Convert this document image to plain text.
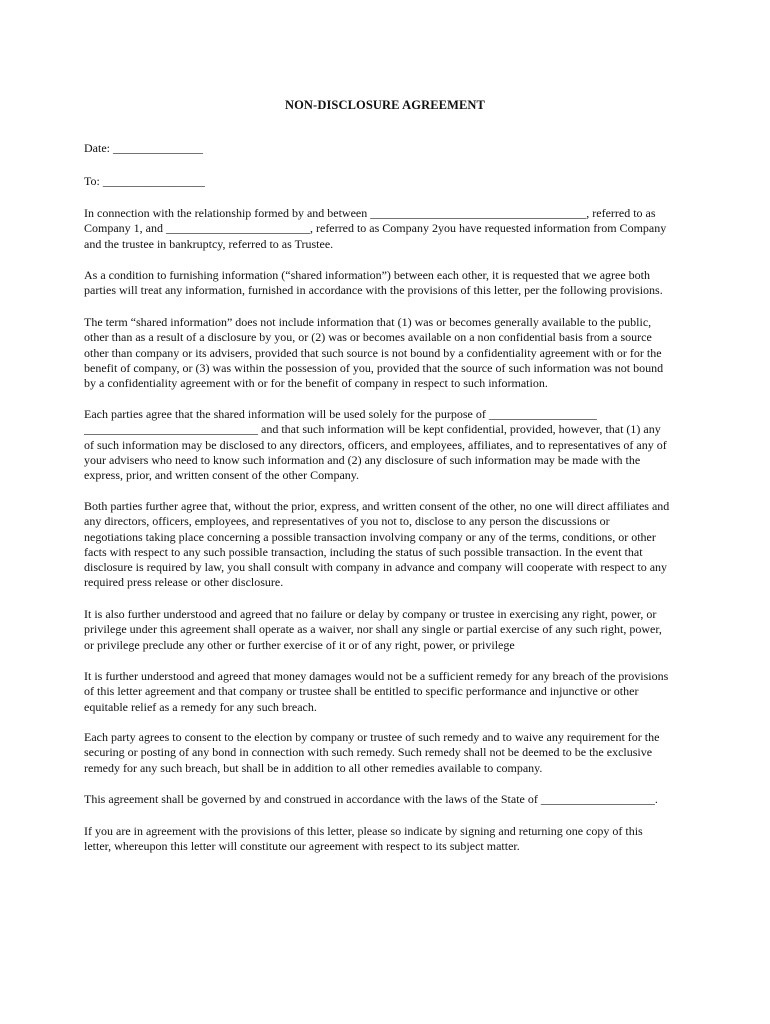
NON-DISCLOSURE AGREEMENT

Date: _______________

To: _________________

In connection with the relationship formed by and between ____________________________________, referred to as
Company 1, and ________________________, referred to as Company 2you have requested information from Company
and the trustee in bankruptcy, referred to as Trustee.

As a condition to furnishing information (“shared information”) between each other, it is requested that we agree both
parties will treat any information, furnished in accordance with the provisions of this letter, per the following provisions.

The term “shared information” does not include information that (1) was or becomes generally available to the public,
other than as a result of a disclosure by you, or (2) was or becomes available on a non confidential basis from a source
other than company or its advisers, provided that such source is not bound by a confidentiality agreement with or for the
benefit of company, or (3) was within the possession of you, provided that the source of such information was not bound
by a confidentiality agreement with or for the benefit of company in respect to such information.

Each parties agree that the shared information will be used solely for the purpose of __________________
_____________________________ and that such information will be kept confidential, provided, however, that (1) any
of such information may be disclosed to any directors, officers, and employees, affiliates, and to representatives of any of
your advisers who need to know such information and (2) any disclosure of such information may be made with the
express, prior, and written consent of the other Company.

Both parties further agree that, without the prior, express, and written consent of the other, no one will direct affiliates and
any directors, officers, employees, and representatives of you not to, disclose to any person the discussions or
negotiations taking place concerning a possible transaction involving company or any of the terms, conditions, or other
facts with respect to any such possible transaction, including the status of such possible transaction. In the event that
disclosure is required by law, you shall consult with company in advance and company will cooperate with respect to any
required press release or other disclosure.

It is also further understood and agreed that no failure or delay by company or trustee in exercising any right, power, or
privilege under this agreement shall operate as a waiver, nor shall any single or partial exercise of any such right, power,
or privilege preclude any other or further exercise of it or of any right, power, or privilege

It is further understood and agreed that money damages would not be a sufficient remedy for any breach of the provisions
of this letter agreement and that company or trustee shall be entitled to specific performance and injunctive or other
equitable relief as a remedy for any such breach.

Each party agrees to consent to the election by company or trustee of such remedy and to waive any requirement for the
securing or posting of any bond in connection with such remedy. Such remedy shall not be deemed to be the exclusive
remedy for any such breach, but shall be in addition to all other remedies available to company.

This agreement shall be governed by and construed in accordance with the laws of the State of ___________________.

If you are in agreement with the provisions of this letter, please so indicate by signing and returning one copy of this
letter, whereupon this letter will constitute our agreement with respect to its subject matter.
